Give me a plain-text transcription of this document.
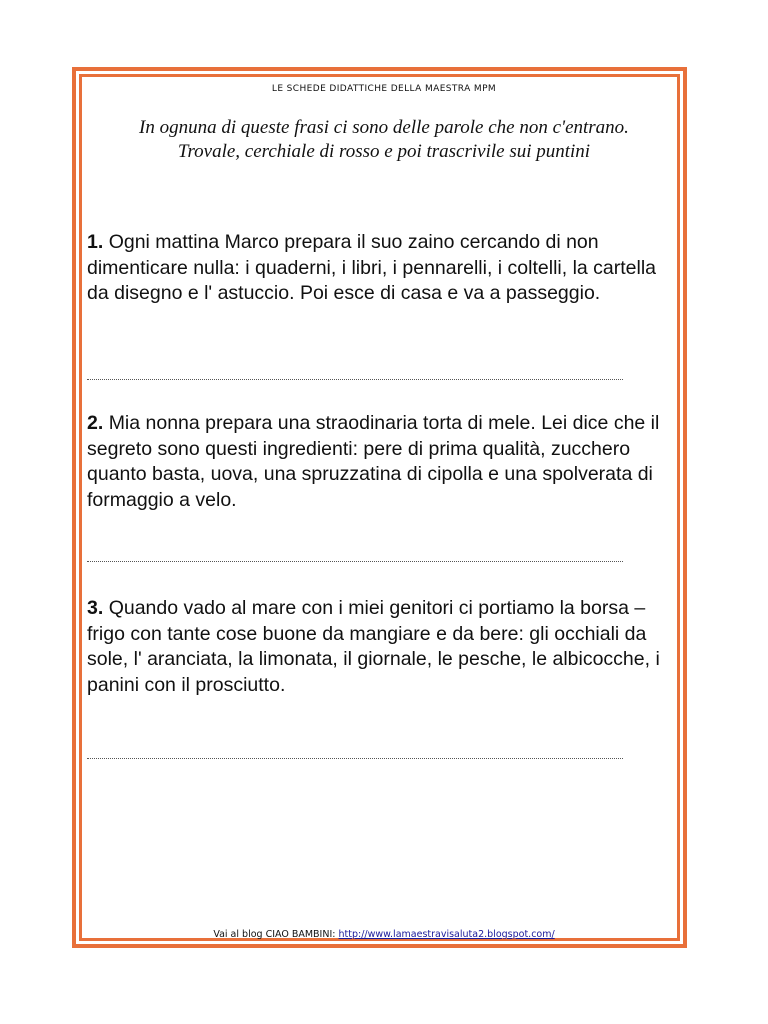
LE SCHEDE DIDATTICHE DELLA MAESTRA MPM
In ognuna di queste frasi ci sono delle parole che non c'entrano. Trovale, cerchiale di rosso e poi trascrivile sui puntini
1. Ogni mattina Marco prepara il suo zaino cercando di non dimenticare nulla: i quaderni, i libri, i pennarelli, i coltelli, la cartella da disegno e l' astuccio. Poi esce di casa e va a passeggio.
2. Mia nonna prepara una straodinaria torta di mele. Lei dice che il segreto sono questi ingredienti: pere di prima qualità, zucchero quanto basta, uova, una spruzzatina di cipolla e una spolverata di formaggio a velo.
3. Quando vado al mare con i miei genitori ci portiamo la borsa – frigo con tante cose buone da mangiare e da bere: gli occhiali da sole, l' aranciata, la limonata, il giornale, le pesche, le albicocche, i panini con il prosciutto.
Vai al blog CIAO BAMBINI: http://www.lamaestravisaluta2.blogspot.com/
